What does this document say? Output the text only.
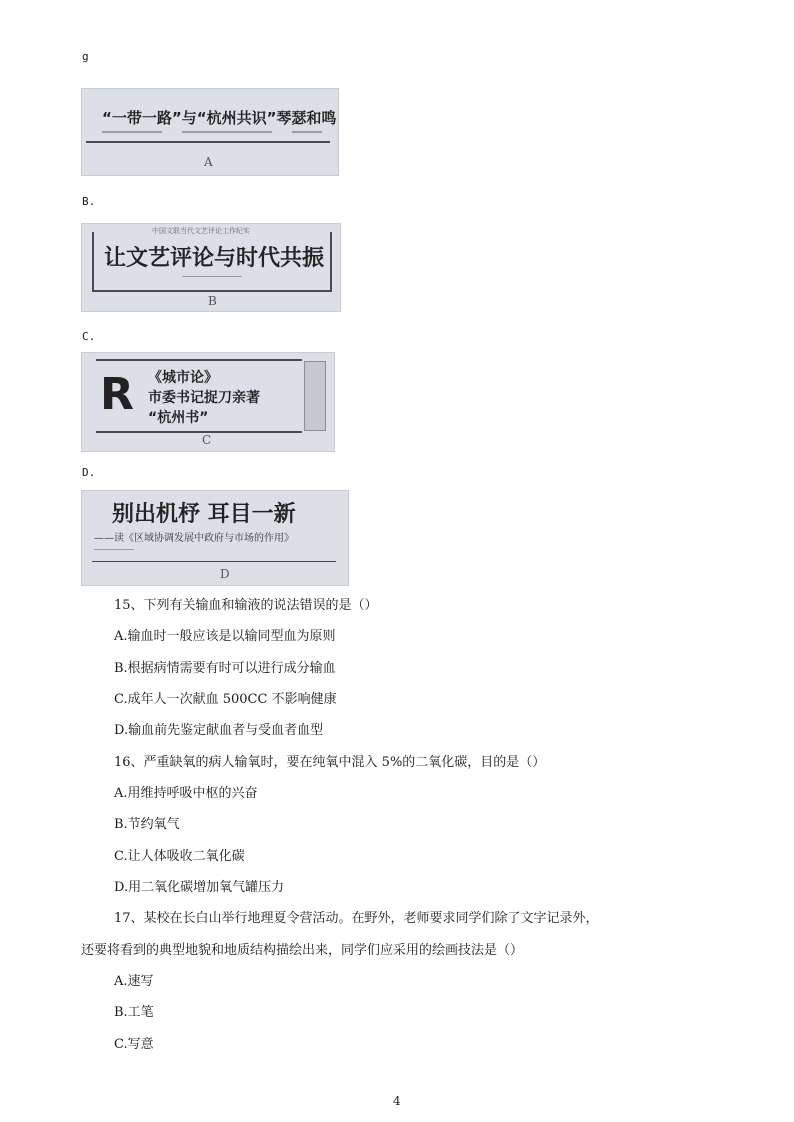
g
“一带一路”与“杭州共识”琴瑟和鸣
A
B.
中国文联当代文艺评论工作纪实
让文艺评论与时代共振
B
C.
R 《城市论》
市委书记捉刀亲著
“杭州书”
C
D.
别出机杼 耳目一新
——读《区域协调发展中政府与市场的作用》
D
15、下列有关输血和输液的说法错误的是（）
A.输血时一般应该是以输同型血为原则
B.根据病情需要有时可以进行成分输血
C.成年人一次献血 500CC 不影响健康
D.输血前先鉴定献血者与受血者血型
16、严重缺氧的病人输氧时，要在纯氧中混入 5%的二氧化碳，目的是（）
A.用维持呼吸中枢的兴奋
B.节约氧气
C.让人体吸收二氧化碳
D.用二氧化碳增加氧气罐压力
17、某校在长白山举行地理夏令营活动。在野外，老师要求同学们除了文字记录外，
还要将看到的典型地貌和地质结构描绘出来，同学们应采用的绘画技法是（）
A.速写
B.工笔
C.写意
4
